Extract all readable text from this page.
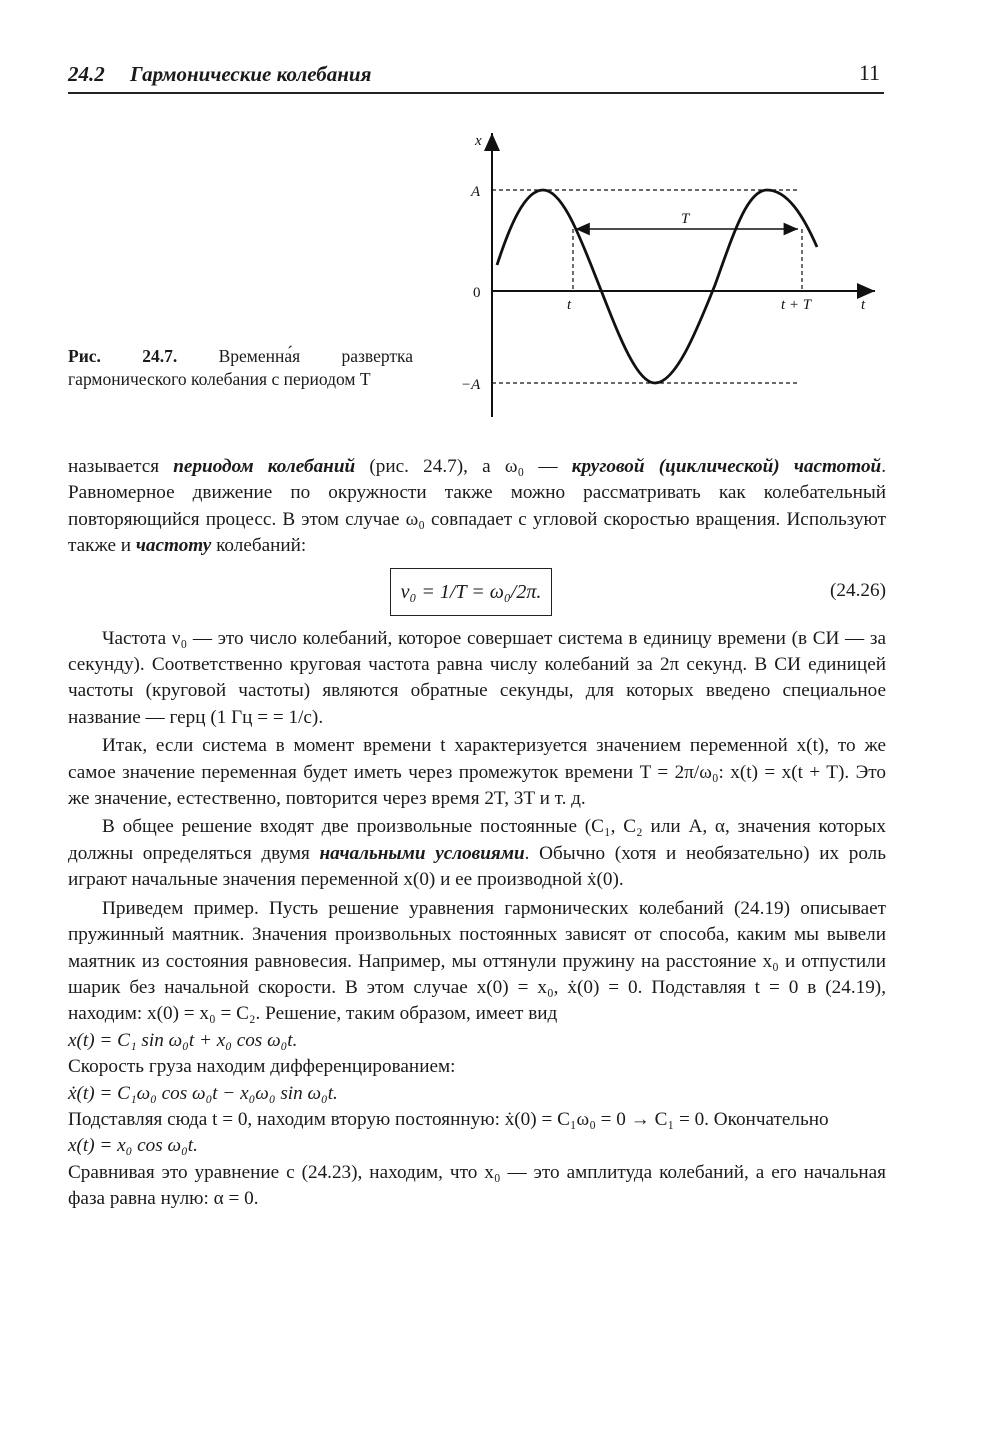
24.2 Гармонические колебания	11
x
A
0
−A
t	t + T	t
T
Рис. 24.7. Временна́я развертка гармонического колебания с периодом T

называется периодом колебаний (рис. 24.7), а ω₀ — круговой (циклической) частотой. Равномерное движение по окружности также можно рассматривать как колебательный повторяющийся процесс. В этом случае ω₀ совпадает с угловой скоростью вращения. Используют также и частоту колебаний:

ν₀ = 1/T = ω₀/2π.	(24.26)

Частота ν₀ — это число колебаний, которое совершает система в единицу времени (в СИ — за секунду). Соответственно круговая частота равна числу колебаний за 2π секунд. В СИ единицей частоты (круговой частоты) являются обратные секунды, для которых введено специальное название — герц (1 Гц = = 1/с).

Итак, если система в момент времени t характеризуется значением переменной x(t), то же самое значение переменная будет иметь через промежуток времени T = 2π/ω₀: x(t) = x(t + T). Это же значение, естественно, повторится через время 2T, 3T и т. д.

В общее решение входят две произвольные постоянные (C₁, C₂ или A, α, значения которых должны определяться двумя начальными условиями. Обычно (хотя и необязательно) их роль играют начальные значения переменной x(0) и ее производной ẋ(0).

Приведем пример. Пусть решение уравнения гармонических колебаний (24.19) описывает пружинный маятник. Значения произвольных постоянных зависят от способа, каким мы вывели маятник из состояния равновесия. Например, мы оттянули пружину на расстояние x₀ и отпустили шарик без начальной скорости. В этом случае x(0) = x₀, ẋ(0) = 0. Подставляя t = 0 в (24.19), находим: x(0) = x₀ = C₂. Решение, таким образом, имеет вид

x(t) = C₁ sin ω₀t + x₀ cos ω₀t.

Скорость груза находим дифференцированием:

ẋ(t) = C₁ω₀ cos ω₀t − x₀ω₀ sin ω₀t.

Подставляя сюда t = 0, находим вторую постоянную: ẋ(0) = C₁ω₀ = 0 → C₁ = 0. Окончательно

x(t) = x₀ cos ω₀t.

Сравнивая это уравнение с (24.23), находим, что x₀ — это амплитуда колебаний, а его начальная фаза равна нулю: α = 0.
